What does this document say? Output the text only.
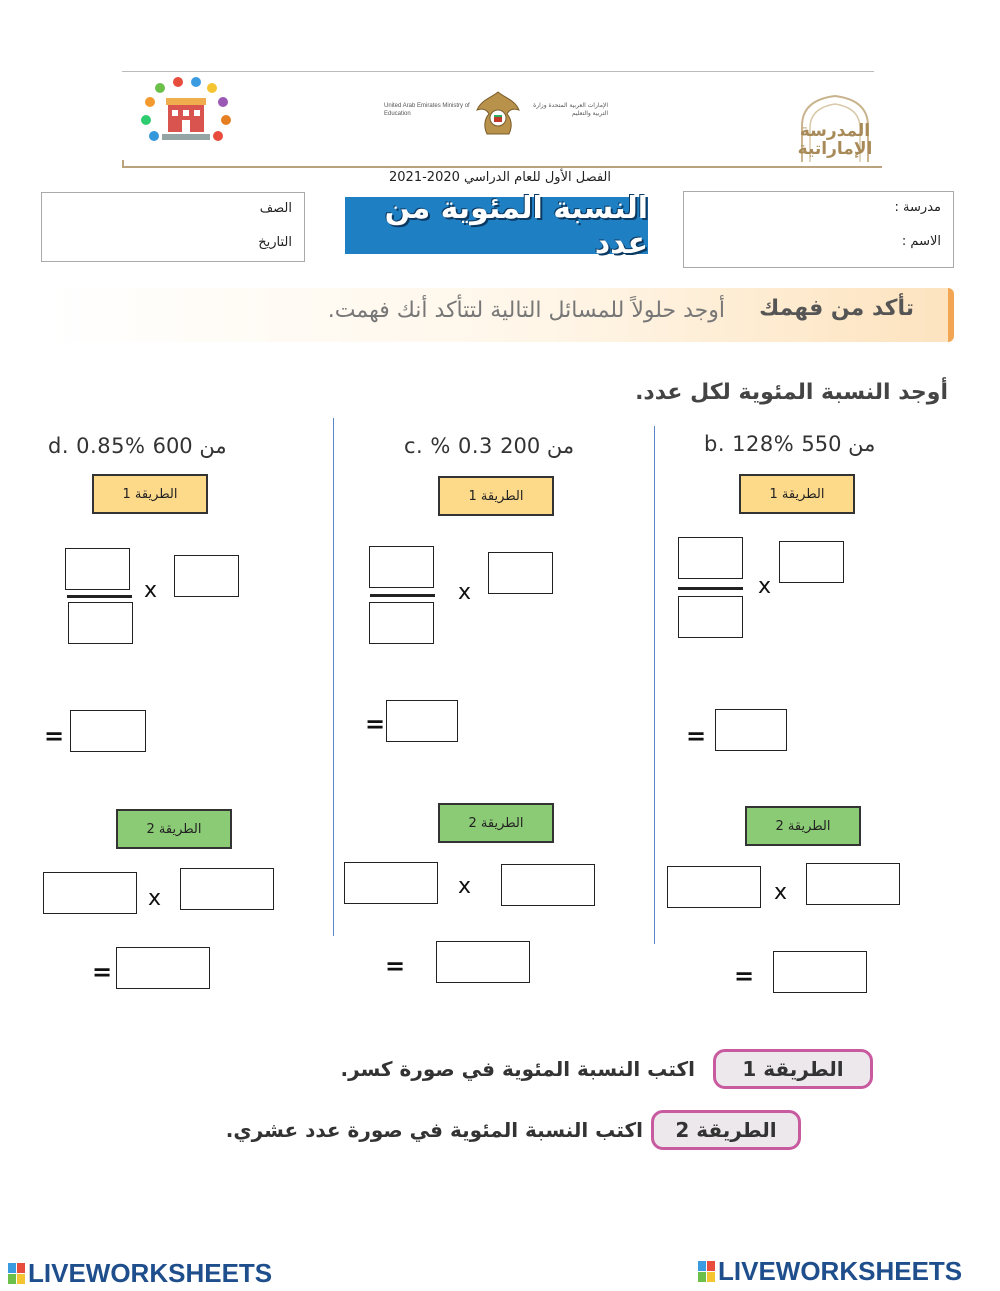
United Arab Emirates Ministry of Education
الإمارات العربية المتحدة وزارة التربية والتعليم
المدرسة الإماراتية
الفصل الأول للعام الدراسي 2020-2021
الصف
التاريخ
النسبة المئوية من عدد
مدرسة :
الاسم :
تأكد من فهمك
أوجد حلولاً للمسائل التالية لتتأكد أنك فهمت.
أوجد النسبة المئوية لكل عدد.
d. 0.85% من 600	c. % 0.3 من 200	b. 128% من 550
الطريقة 1
x
=
الطريقة 2
x
=
الطريقة 1
x
=
الطريقة 2
x
=
الطريقة 1
x
=
الطريقة 2
x
=
الطريقة 1
اكتب النسبة المئوية في صورة كسر.
الطريقة 2
اكتب النسبة المئوية في صورة عدد عشري.
LIVEWORKSHEETS	LIVEWORKSHEETS
